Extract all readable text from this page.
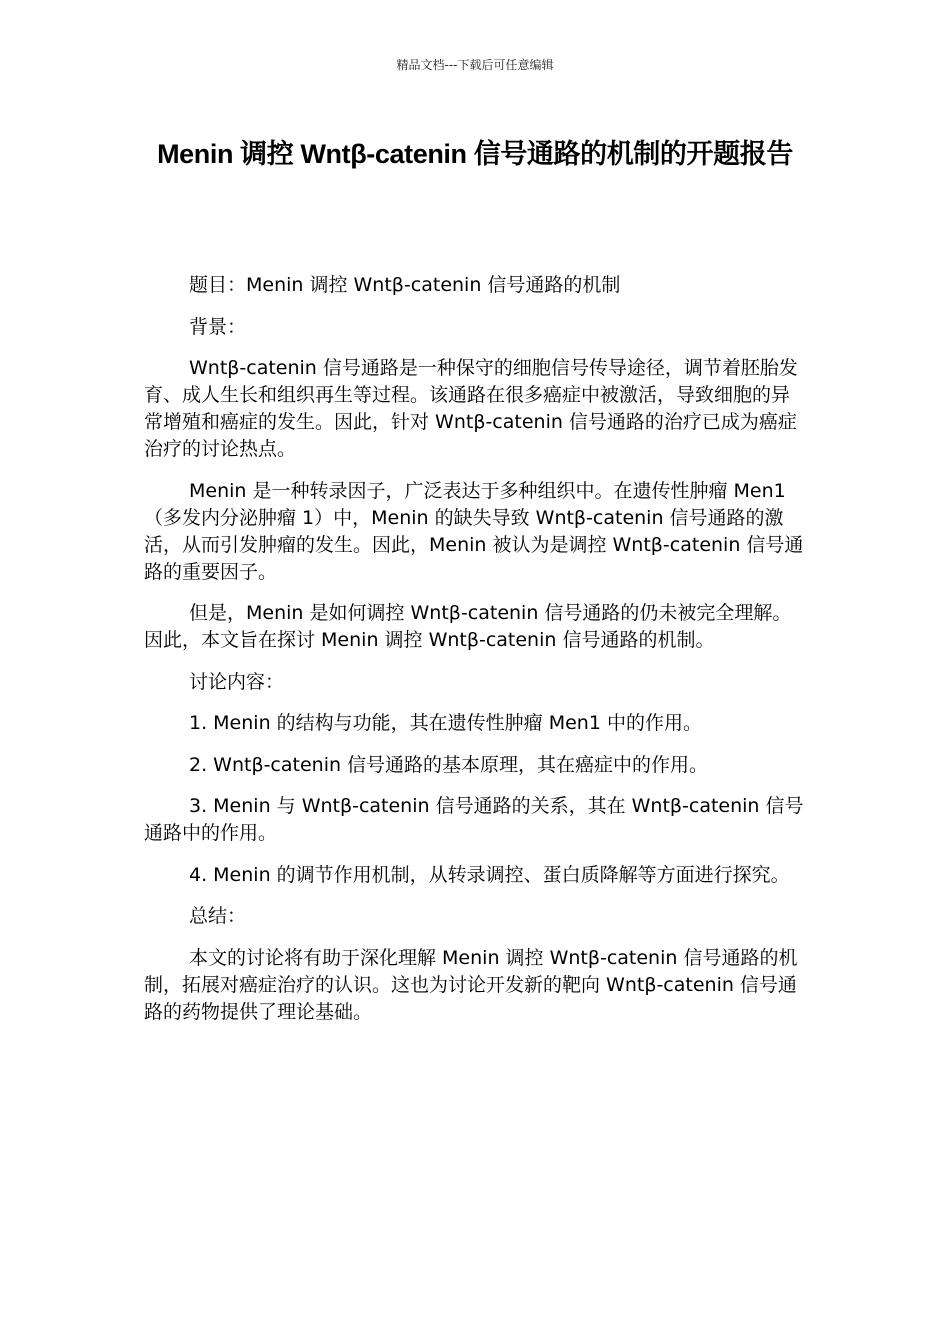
精品文档---下载后可任意编辑
Menin 调控 Wntβ-catenin 信号通路的机制的开题报告

题目：Menin 调控 Wntβ-catenin 信号通路的机制

背景：

Wntβ-catenin 信号通路是一种保守的细胞信号传导途径，调节着胚胎发育、成人生长和组织再生等过程。该通路在很多癌症中被激活，导致细胞的异常增殖和癌症的发生。因此，针对 Wntβ-catenin 信号通路的治疗已成为癌症治疗的讨论热点。

Menin 是一种转录因子，广泛表达于多种组织中。在遗传性肿瘤 Men1（多发内分泌肿瘤 1）中，Menin 的缺失导致 Wntβ-catenin 信号通路的激活，从而引发肿瘤的发生。因此，Menin 被认为是调控 Wntβ-catenin 信号通路的重要因子。

但是，Menin 是如何调控 Wntβ-catenin 信号通路的仍未被完全理解。因此，本文旨在探讨 Menin 调控 Wntβ-catenin 信号通路的机制。

讨论内容：

1. Menin 的结构与功能，其在遗传性肿瘤 Men1 中的作用。

2. Wntβ-catenin 信号通路的基本原理，其在癌症中的作用。

3. Menin 与 Wntβ-catenin 信号通路的关系，其在 Wntβ-catenin 信号通路中的作用。

4. Menin 的调节作用机制，从转录调控、蛋白质降解等方面进行探究。

总结：

本文的讨论将有助于深化理解 Menin 调控 Wntβ-catenin 信号通路的机制，拓展对癌症治疗的认识。这也为讨论开发新的靶向 Wntβ-catenin 信号通路的药物提供了理论基础。
